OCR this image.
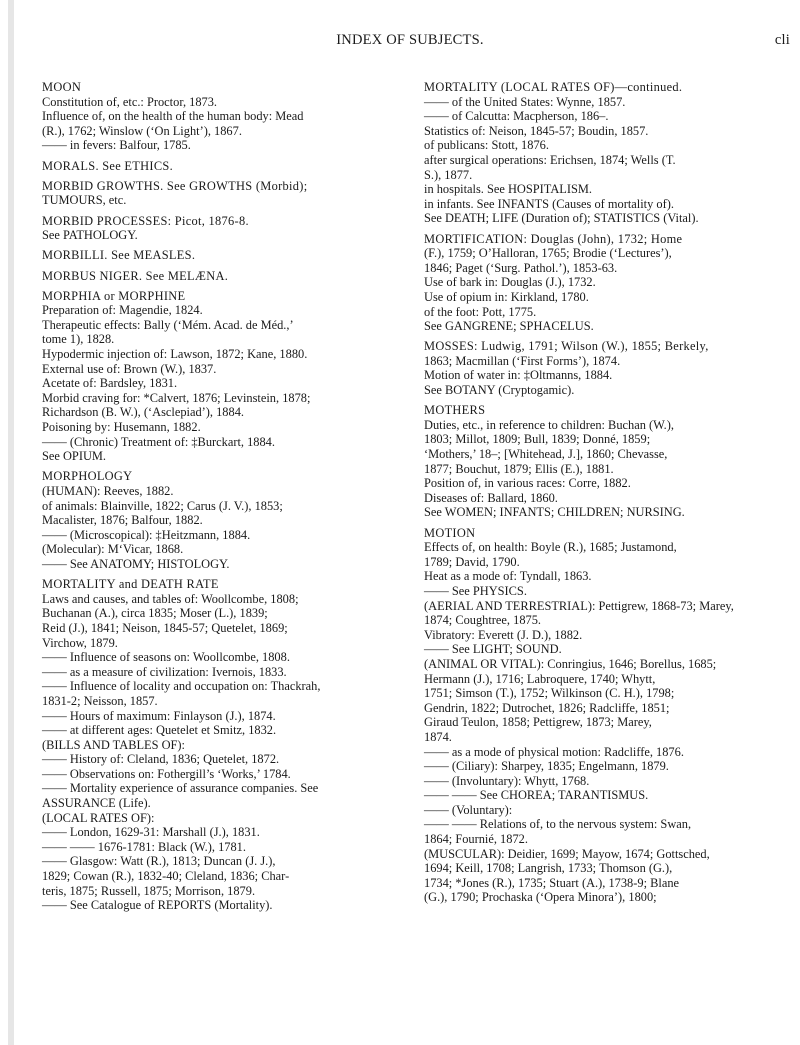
INDEX OF SUBJECTS.	cli
MOON
Constitution of, etc.: Proctor, 1873.
Influence of, on the health of the human body: Mead
(R.), 1762; Winslow (‘On Light’), 1867.
—— in fevers: Balfour, 1785.
MORALS. See ETHICS.
MORBID GROWTHS. See GROWTHS (Morbid);
TUMOURS, etc.
MORBID PROCESSES: Picot, 1876-8.
See PATHOLOGY.
MORBILLI. See MEASLES.
MORBUS NIGER. See MELÆNA.
MORPHIA or MORPHINE
Preparation of: Magendie, 1824.
Therapeutic effects: Bally (‘Mém. Acad. de Méd.,’
tome 1), 1828.
Hypodermic injection of: Lawson, 1872; Kane, 1880.
External use of: Brown (W.), 1837.
Acetate of: Bardsley, 1831.
Morbid craving for: *Calvert, 1876; Levinstein, 1878;
Richardson (B. W.), (‘Asclepiad’), 1884.
Poisoning by: Husemann, 1882.
—— (Chronic) Treatment of: ‡Burckart, 1884.
See OPIUM.
MORPHOLOGY
(HUMAN): Reeves, 1882.
of animals: Blainville, 1822; Carus (J. V.), 1853;
Macalister, 1876; Balfour, 1882.
—— (Microscopical): ‡Heitzmann, 1884.
(Molecular): M‘Vicar, 1868.
—— See ANATOMY; HISTOLOGY.
MORTALITY and DEATH RATE
Laws and causes, and tables of: Woollcombe, 1808;
Buchanan (A.), circa 1835; Moser (L.), 1839;
Reid (J.), 1841; Neison, 1845-57; Quetelet, 1869;
Virchow, 1879.
—— Influence of seasons on: Woollcombe, 1808.
—— as a measure of civilization: Ivernois, 1833.
—— Influence of locality and occupation on: Thackrah,
1831-2; Neisson, 1857.
—— Hours of maximum: Finlayson (J.), 1874.
—— at different ages: Quetelet et Smitz, 1832.
(BILLS AND TABLES OF):
—— History of: Cleland, 1836; Quetelet, 1872.
—— Observations on: Fothergill’s ‘Works,’ 1784.
—— Mortality experience of assurance companies. See
ASSURANCE (Life).
(LOCAL RATES OF):
—— London, 1629-31: Marshall (J.), 1831.
—— —— 1676-1781: Black (W.), 1781.
—— Glasgow: Watt (R.), 1813; Duncan (J. J.),
1829; Cowan (R.), 1832-40; Cleland, 1836; Char-
teris, 1875; Russell, 1875; Morrison, 1879.
—— See Catalogue of REPORTS (Mortality).
MORTALITY (LOCAL RATES OF)—continued.
—— of the United States: Wynne, 1857.
—— of Calcutta: Macpherson, 186–.
Statistics of: Neison, 1845-57; Boudin, 1857.
of publicans: Stott, 1876.
after surgical operations: Erichsen, 1874; Wells (T.
S.), 1877.
in hospitals. See HOSPITALISM.
in infants. See INFANTS (Causes of mortality of).
See DEATH; LIFE (Duration of); STATISTICS (Vital).
MORTIFICATION: Douglas (John), 1732; Home
(F.), 1759; O’Halloran, 1765; Brodie (‘Lectures’),
1846; Paget (‘Surg. Pathol.’), 1853-63.
Use of bark in: Douglas (J.), 1732.
Use of opium in: Kirkland, 1780.
of the foot: Pott, 1775.
See GANGRENE; SPHACELUS.
MOSSES: Ludwig, 1791; Wilson (W.), 1855; Berkely,
1863; Macmillan (‘First Forms’), 1874.
Motion of water in: ‡Oltmanns, 1884.
See BOTANY (Cryptogamic).
MOTHERS
Duties, etc., in reference to children: Buchan (W.),
1803; Millot, 1809; Bull, 1839; Donné, 1859;
‘Mothers,’ 18–; [Whitehead, J.], 1860; Chevasse,
1877; Bouchut, 1879; Ellis (E.), 1881.
Position of, in various races: Corre, 1882.
Diseases of: Ballard, 1860.
See WOMEN; INFANTS; CHILDREN; NURSING.
MOTION
Effects of, on health: Boyle (R.), 1685; Justamond,
1789; David, 1790.
Heat as a mode of: Tyndall, 1863.
—— See PHYSICS.
(AERIAL AND TERRESTRIAL): Pettigrew, 1868-73; Marey,
1874; Coughtree, 1875.
Vibratory: Everett (J. D.), 1882.
—— See LIGHT; SOUND.
(ANIMAL OR VITAL): Conringius, 1646; Borellus, 1685;
Hermann (J.), 1716; Labroquere, 1740; Whytt,
1751; Simson (T.), 1752; Wilkinson (C. H.), 1798;
Gendrin, 1822; Dutrochet, 1826; Radcliffe, 1851;
Giraud Teulon, 1858; Pettigrew, 1873; Marey,
1874.
—— as a mode of physical motion: Radcliffe, 1876.
—— (Ciliary): Sharpey, 1835; Engelmann, 1879.
—— (Involuntary): Whytt, 1768.
—— —— See CHOREA; TARANTISMUS.
—— (Voluntary):
—— —— Relations of, to the nervous system: Swan,
1864; Fournié, 1872.
(MUSCULAR): Deidier, 1699; Mayow, 1674; Gottsched,
1694; Keill, 1708; Langrish, 1733; Thomson (G.),
1734; *Jones (R.), 1735; Stuart (A.), 1738-9; Blane
(G.), 1790; Prochaska (‘Opera Minora’), 1800;
